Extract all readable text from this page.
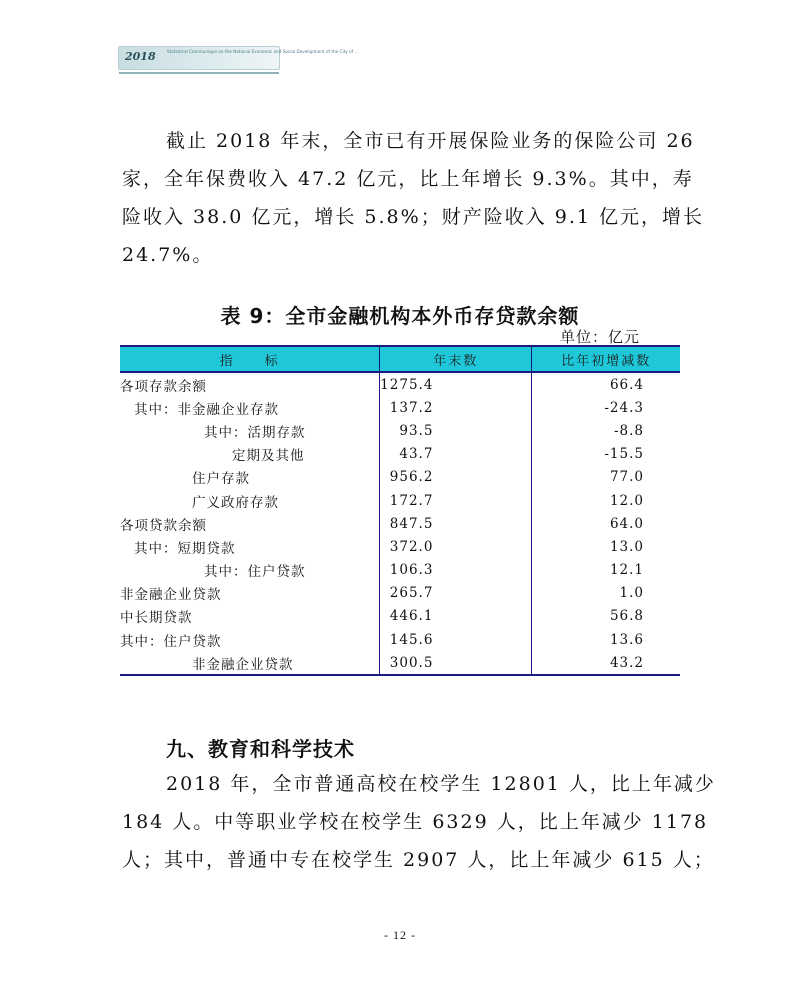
2018	Statistical Communique on the National Economic and Social Development of the City of ...
截止 2018 年末，全市已有开展保险业务的保险公司 26
家，全年保费收入 47.2 亿元，比上年增长 9.3%。其中，寿
险收入 38.0 亿元，增长 5.8%；财产险收入 9.1 亿元，增长
24.7%。
表 9：全市金融机构本外币存贷款余额
单位：亿元
指　　标	年末数	比年初增减数
各项存款余额	1275.4	66.4
其中：非金融企业存款	137.2	-24.3
其中：活期存款	93.5	-8.8
定期及其他	43.7	-15.5
住户存款	956.2	77.0
广义政府存款	172.7	12.0
各项贷款余额	847.5	64.0
其中：短期贷款	372.0	13.0
其中：住户贷款	106.3	12.1
非金融企业贷款	265.7	1.0
中长期贷款	446.1	56.8
其中：住户贷款	145.6	13.6
非金融企业贷款	300.5	43.2
九、教育和科学技术
2018 年，全市普通高校在校学生 12801 人，比上年减少
184 人。中等职业学校在校学生 6329 人，比上年减少 1178
人；其中，普通中专在校学生 2907 人，比上年减少 615 人；
- 12 -
